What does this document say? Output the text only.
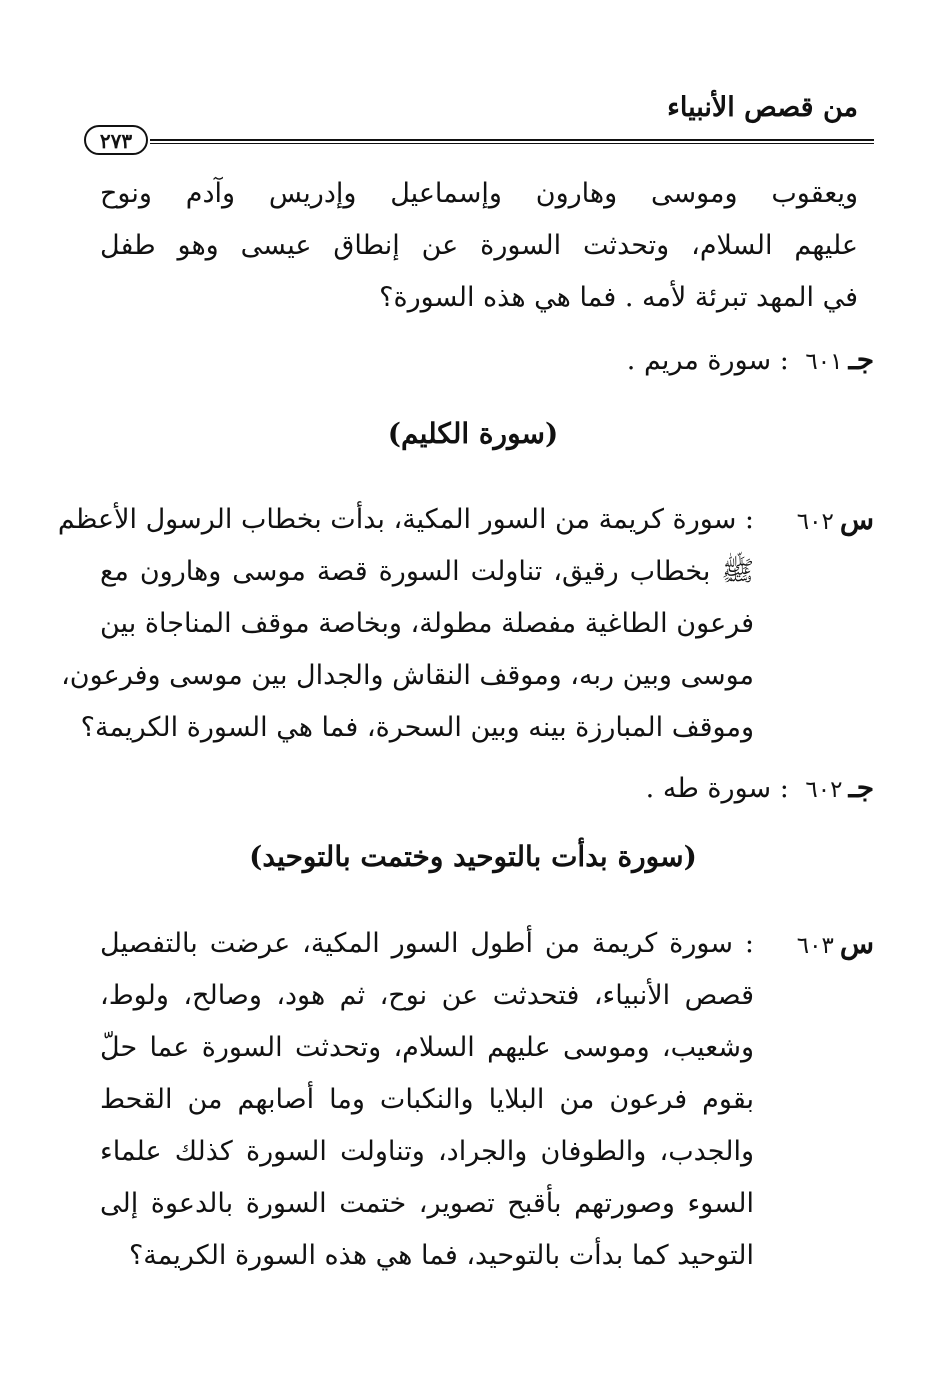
من قصص الأنبياء
٢٧٣
ويعقوب وموسى وهارون وإسماعيل وإدريس وآدم ونوح
عليهم السلام، وتحدثت السورة عن إنطاق عيسى وهو طفل
في المهد تبرئة لأمه . فما هي هذه السورة؟
جـ٦٠١ : سورة مريم .
(سورة الكليم)
س٦٠٢
: سورة كريمة من السور المكية، بدأت بخطاب الرسول الأعظم
ﷺ بخطاب رقيق، تناولت السورة قصة موسى وهارون مع
فرعون الطاغية مفصلة مطولة، وبخاصة موقف المناجاة بين
موسى وبين ربه، وموقف النقاش والجدال بين موسى وفرعون،
وموقف المبارزة بينه وبين السحرة، فما هي السورة الكريمة؟
جـ٦٠٢ : سورة طه .
(سورة بدأت بالتوحيد وختمت بالتوحيد)
س٦٠٣
: سورة كريمة من أطول السور المكية، عرضت بالتفصيل
قصص الأنبياء، فتحدثت عن نوح، ثم هود، وصالح، ولوط،
وشعيب، وموسى عليهم السلام، وتحدثت السورة عما حلّ
بقوم فرعون من البلايا والنكبات وما أصابهم من القحط
والجدب، والطوفان والجراد، وتناولت السورة كذلك علماء
السوء وصورتهم بأقبح تصوير، ختمت السورة بالدعوة إلى
التوحيد كما بدأت بالتوحيد، فما هي هذه السورة الكريمة؟
